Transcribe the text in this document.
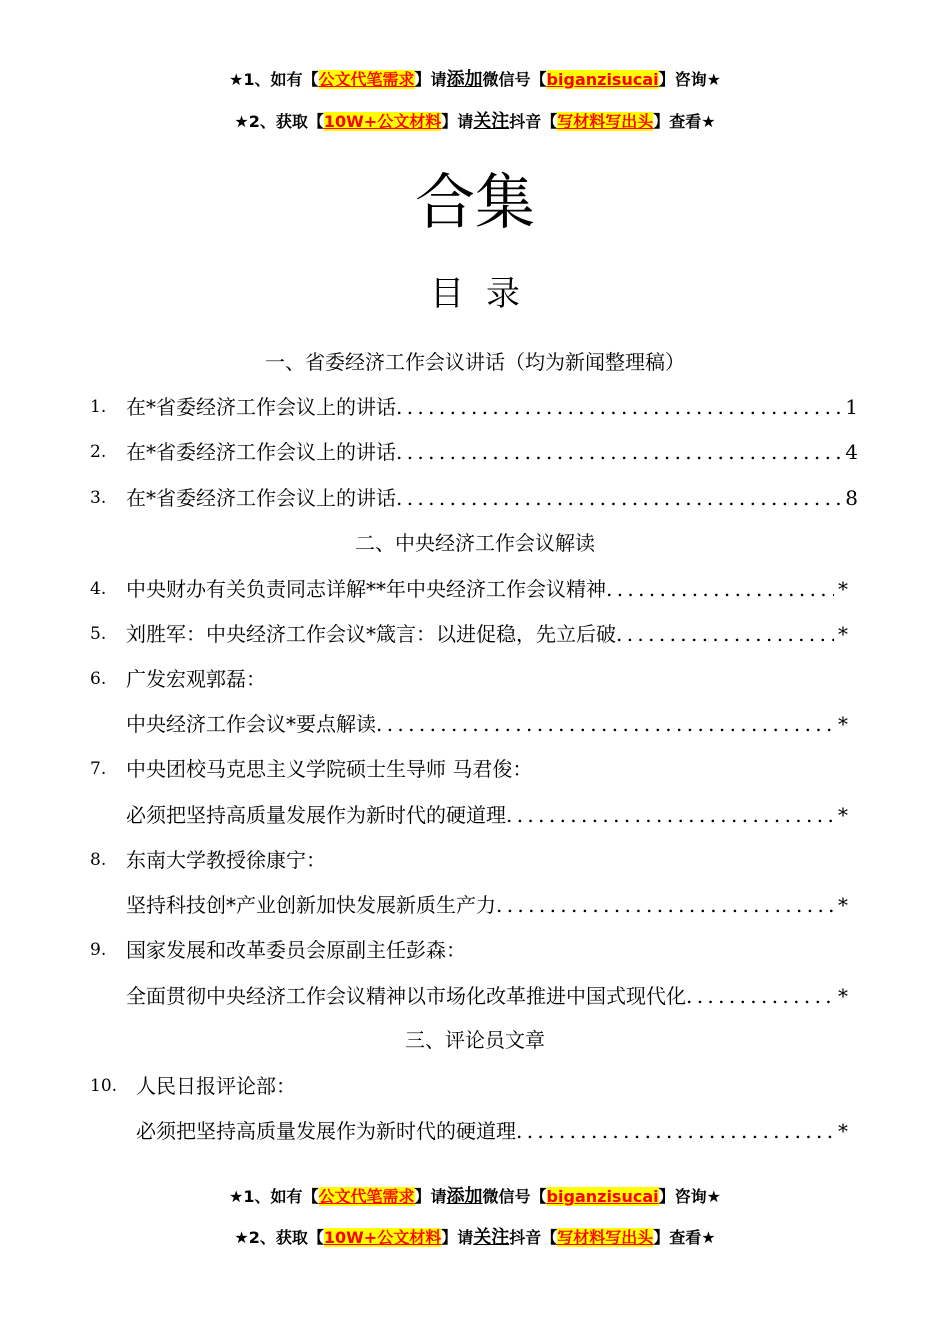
★1、如有【公文代笔需求】请添加微信号【biganzisucai】咨询★
★2、获取【10W+公文材料】请关注抖音【写材料写出头】查看★
合集
目录
一、省委经济工作会议讲话（均为新闻整理稿）
1. 在*省委经济工作会议上的讲话 . . .	1
2. 在*省委经济工作会议上的讲话 . . .	4
3. 在*省委经济工作会议上的讲话 . . .	8
二、中央经济工作会议解读
4. 中央财办有关负责同志详解**年中央经济工作会议精神 . . .	*
5. 刘胜军：中央经济工作会议*箴言：以进促稳，先立后破 . . .	*
6. 广发宏观郭磊：
中央经济工作会议*要点解读 . . .	*
7. 中央团校马克思主义学院硕士生导师 马君俊：
必须把坚持高质量发展作为新时代的硬道理 . . .	*
8. 东南大学教授徐康宁：
坚持科技创*产业创新加快发展新质生产力 . . .	*
9. 国家发展和改革委员会原副主任彭森：
全面贯彻中央经济工作会议精神以市场化改革推进中国式现代化 . . .	*
三、评论员文章
10. 人民日报评论部：
必须把坚持高质量发展作为新时代的硬道理 . . .	*
★1、如有【公文代笔需求】请添加微信号【biganzisucai】咨询★
★2、获取【10W+公文材料】请关注抖音【写材料写出头】查看★
